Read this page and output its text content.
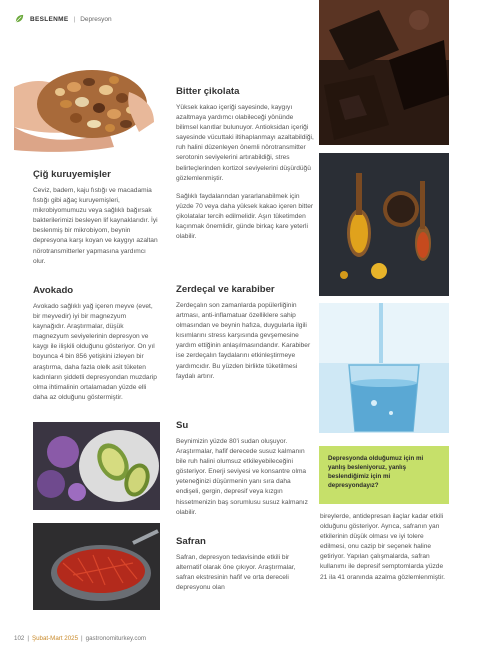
BESLENME | Depresyon
Çiğ kuruyemişler

Ceviz, badem, kaju fıstığı ve macadamia fıstığı gibi ağaç kuruyemişleri, mikrobiyomumuzu veya sağlıklı bağırsak bakterilerimizi besleyen lif kaynaklarıdır. İyi beslenmiş bir mikrobiyom, beynin depresyona karşı koyan ve kaygıyı azaltan nörotransmitterler yapmasına yardımcı olur.

Avokado

Avokado sağlıklı yağ içeren meyve (evet, bir meyvedir) iyi bir magnezyum kaynağıdır. Araştırmalar, düşük magnezyum seviyelerinin depresyon ve kaygı ile ilişkili olduğunu gösteriyor. On yıl boyunca 4 bin 856 yetişkini izleyen bir araştırma, daha fazla olelk asit tüketen kadınların şiddetli depresyondan muzdarip olma ihtimalinin ortalamadan yüzde elli daha az olduğunu göstermiştir.

Bitter çikolata

Yüksek kakao içeriği sayesinde, kaygıyı azaltmaya yardımcı olabileceği yönünde bilimsel kanıtlar bulunuyor. Antioksidan içeriği sayesinde vücuttaki iltihaplanmayı azaltabildiği, ruh halini düzenleyen önemli nörotransmitter serotonin seviyelerini artırabildiği, stres belirteçlerinden kortizol seviyelerini düşürdüğü gözlemlenmiştir.

Sağlıklı faydalarından yararlanabilmek için yüzde 70 veya daha yüksek kakao içeren bitter çikolatalar tercih edilmelidir. Aşırı tüketimden kaçınmak önemlidir, günde birkaç kare yeterli olabilir.

Zerdeçal ve karabiber

Zerdeçalın son zamanlarda popülerliğinin artması, anti-inflamatuar özelliklere sahip olmasından ve beynin hafıza, duygularla ilgili kısımlarını stress karşısında gevşemesine yardım ettiğinin anlaşılmasındandır. Karabiber ise zerdeçalın faydalarını etkinleştirmeye yardımcıdır. Bu yüzden birlikte tüketilmesi faydalı artırır.

Su

Beynimizin yüzde 80'i sudan oluşuyor. Araştırmalar, hafif derecede susuz kalmanın bile ruh halini olumsuz etkileyebileceğini gösteriyor. Enerji seviyesi ve konsantre olma yeteneğinizi düşürmenin yanı sıra daha endişeli, gergin, depresif veya kızgın hissetmenizin baş sorumlusu susuz kalmanız olabilir.

Safran

Safran, depresyon tedavisinde etkili bir alternatif olarak öne çıkıyor. Araştırmalar, safran ekstresinin hafif ve orta dereceli depresyonu olan

Depresyonda olduğumuz için mi yanlış besleniyoruz, yanlış beslendiğimiz için mi depresyondayız?

bireylerde, antidepresan ilaçlar kadar etkili olduğunu gösteriyor. Ayrıca, safranın yan etkilerinin düşük olması ve iyi tolere edilmesi, onu cazip bir seçenek haline getiriyor. Yapılan çalışmalarda, safran kullanımı ile depresif semptomlarda yüzde 21 ila 41 oranında azalma gözlemlenmiştir.

102 | Şubat-Mart 2025 | gastronomiturkey.com
